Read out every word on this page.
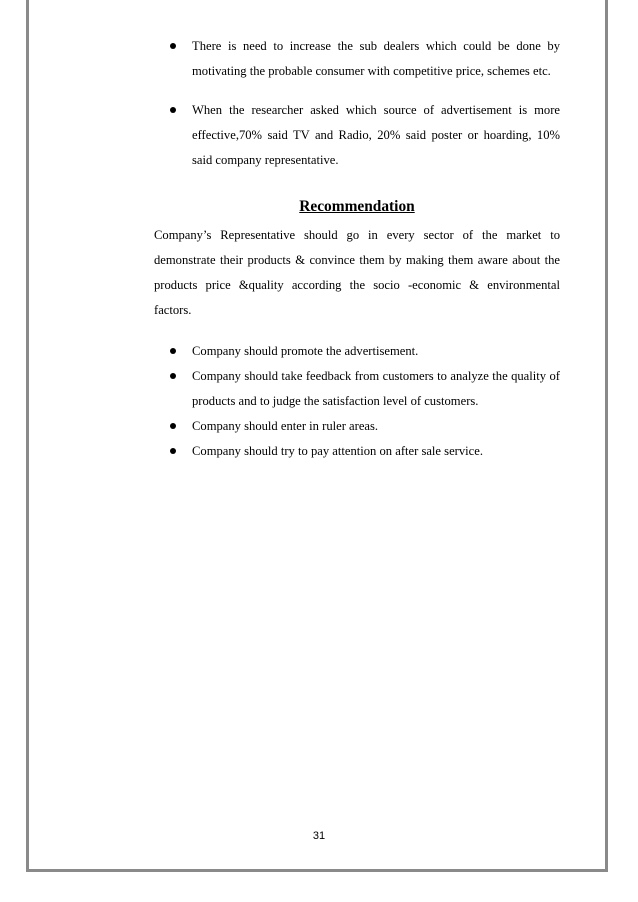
There is need to increase the sub dealers which could be done by motivating the probable consumer with competitive price, schemes etc.
When the researcher asked which source of advertisement is more effective,70% said TV and Radio, 20% said poster or hoarding, 10% said company representative.
Recommendation

Company’s Representative should go in every sector of the market to demonstrate their products & convince them by making them aware about the products price &quality according the socio -economic & environmental factors.

Company should promote the advertisement.
Company should take feedback from customers to analyze the quality of products and to judge the satisfaction level of customers.
Company should enter in ruler areas.
Company should try to pay attention on after sale service.
31
